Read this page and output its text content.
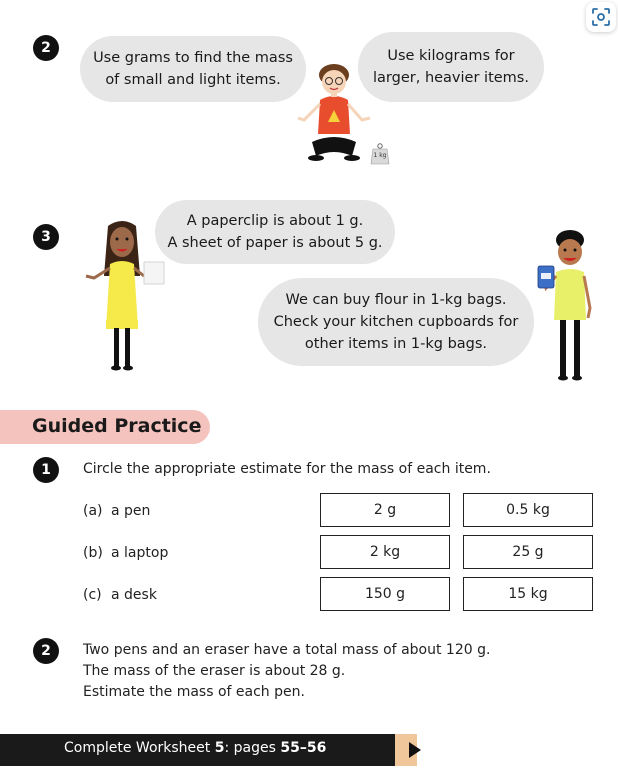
2
Use grams to find the mass
of small and light items.
Use kilograms for
larger, heavier items.
1 kg
3
A paperclip is about 1 g.
A sheet of paper is about 5 g.
We can buy flour in 1-kg bags.
Check your kitchen cupboards for
other items in 1-kg bags.
Guided Practice
1	Circle the appropriate estimate for the mass of each item.
(a) a pen	2 g	0.5 kg
(b) a laptop	2 kg	25 g
(c) a desk	150 g	15 kg
2	Two pens and an eraser have a total mass of about 120 g.
The mass of the eraser is about 28 g.
Estimate the mass of each pen.
Complete Worksheet 5: pages 55–56
